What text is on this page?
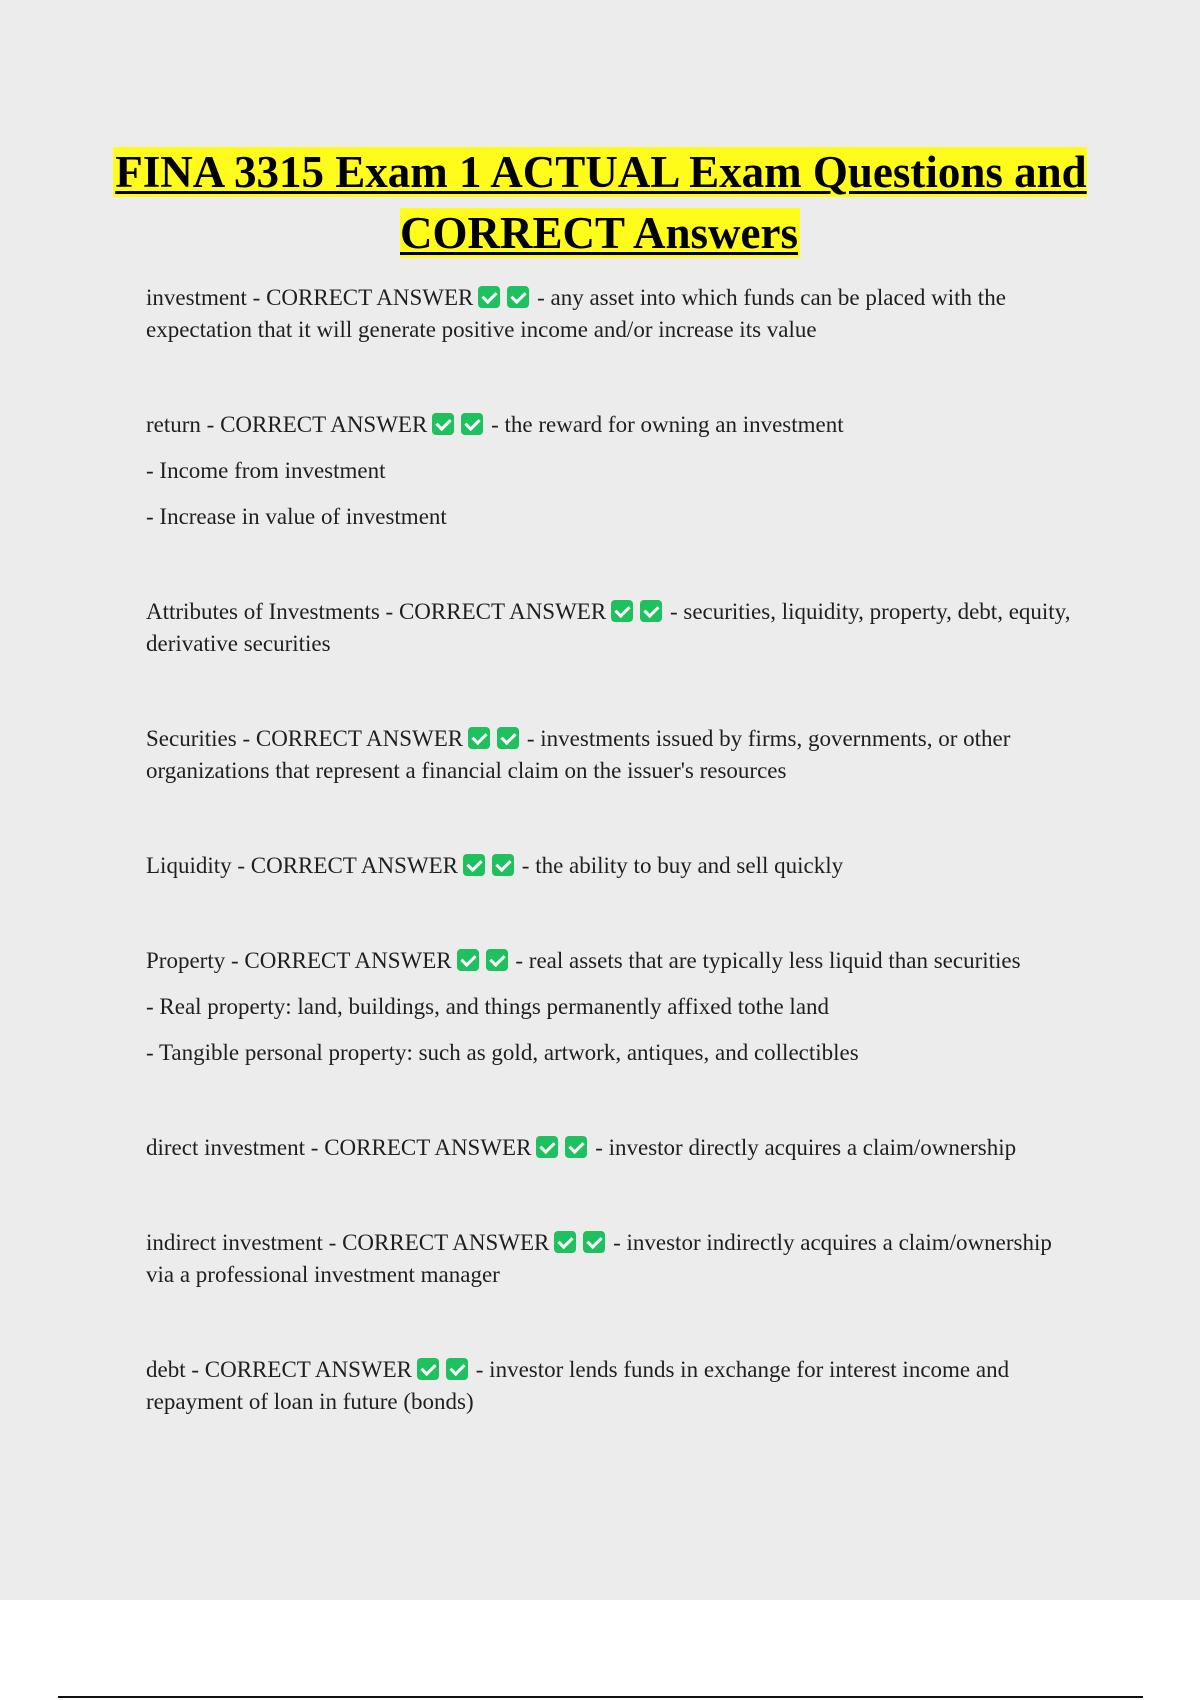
FINA 3315 Exam 1 ACTUAL Exam Questions and CORRECT Answers

investment - CORRECT ANSWER	- any asset into which funds can be placed with the expectation that it will generate positive income and/or increase its value

return - CORRECT ANSWER	- the reward for owning an investment

- Income from investment

- Increase in value of investment

Attributes of Investments - CORRECT ANSWER	- securities, liquidity, property, debt, equity, derivative securities

Securities - CORRECT ANSWER	- investments issued by firms, governments, or other organizations that represent a financial claim on the issuer's resources

Liquidity - CORRECT ANSWER	- the ability to buy and sell quickly

Property - CORRECT ANSWER	- real assets that are typically less liquid than securities

- Real property: land, buildings, and things permanently affixed tothe land

- Tangible personal property: such as gold, artwork, antiques, and collectibles

direct investment - CORRECT ANSWER	- investor directly acquires a claim/ownership

indirect investment - CORRECT ANSWER	- investor indirectly acquires a claim/ownership via a professional investment manager

debt - CORRECT ANSWER	- investor lends funds in exchange for interest income and repayment of loan in future (bonds)
